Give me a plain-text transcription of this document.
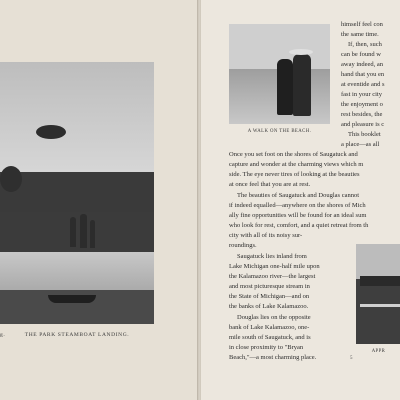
g.	THE PARK STEAMBOAT LANDING.
A WALK ON THE BEACH.
himself feel con
the same time.
If, then, such
can be found w
away indeed, an
hand that you en
at eventide and s
fast in your city
the enjoyment o
rest besides, the
and pleasure is c
This booklet
a place—as all
Once you set foot on the shores of Saugatuck and
capture and wonder at the charming views which m
side. The eye never tires of looking at the beauties
at once feel that you are at rest.
The beauties of Saugatuck and Douglas cannot
if indeed equalled—anywhere on the shores of Mich
ally fine opportunities will be found for an ideal sum
who look for rest, comfort, and a quiet retreat from th
city with all of its noisy sur-
roundings.
Saugatuck lies inland from
Lake Michigan one-half mile upon
the Kalamazoo river—the largest
and most picturesque stream in
the State of Michigan—and on
the banks of Lake Kalamazoo.
Douglas lies on the opposite
bank of Lake Kalamazoo, one-
mile south of Saugatuck, and is
in close proximity to "Bryan
Beach,"—a most charming place.
APPR
5
